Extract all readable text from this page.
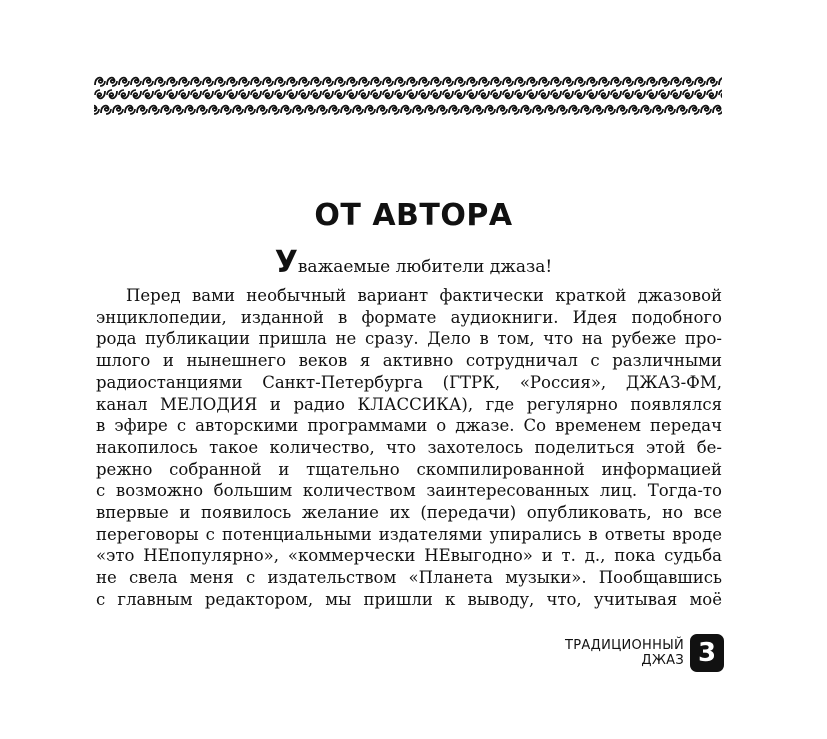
ОТ АВТОРА

Уважаемые любители джаза!

Перед вами необычный вариант фактически краткой джазовой
энциклопедии, изданной в формате аудиокниги. Идея подобного
рода публикации пришла не сразу. Дело в том, что на рубеже про-
шлого и нынешнего веков я активно сотрудничал с различными
радиостанциями Санкт-Петербурга (ГТРК, «Россия», ДЖАЗ-ФМ,
канал МЕЛОДИЯ и радио КЛАССИКА), где регулярно появлялся
в эфире с авторскими программами о джазе. Со временем передач
накопилось такое количество, что захотелось поделиться этой бе-
режно собранной и тщательно скомпилированной информацией
с возможно большим количеством заинтересованных лиц. Тогда-то
впервые и появилось желание их (передачи) опубликовать, но все
переговоры с потенциальными издателями упирались в ответы вроде
«это НЕпопулярно», «коммерчески НЕвыгодно» и т. д., пока судьба
не свела меня с издательством «Планета музыки». Пообщавшись
с главным редактором, мы пришли к выводу, что, учитывая моё
ТРАДИЦИОННЫЙ
ДЖАЗ 3
